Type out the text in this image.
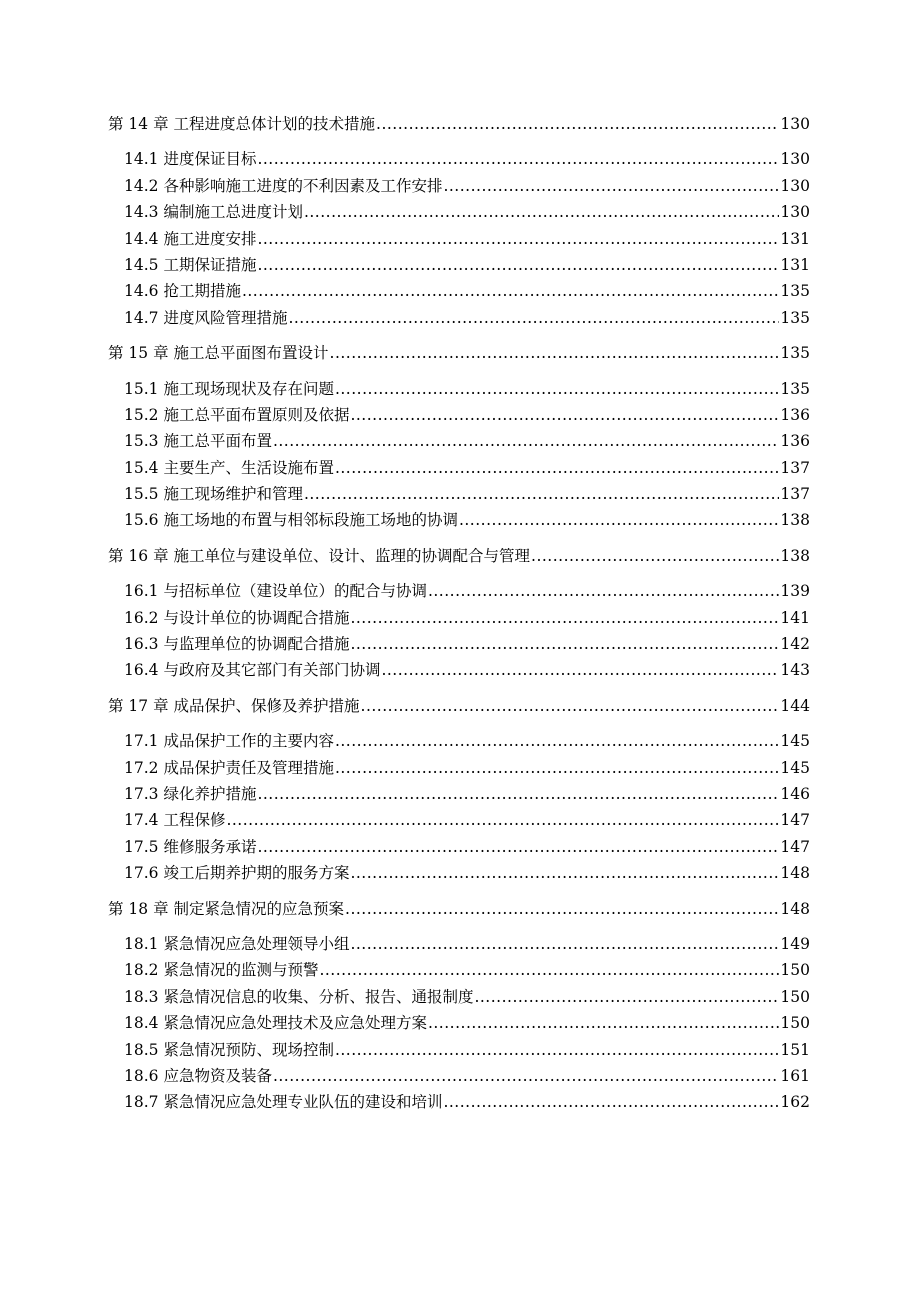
第 14 章 工程进度总体计划的技术措施 .....	130
14.1 进度保证目标 .....	130
14.2 各种影响施工进度的不利因素及工作安排 .....	130
14.3 编制施工总进度计划 .....	130
14.4 施工进度安排 .....	131
14.5 工期保证措施 .....	131
14.6 抢工期措施 .....	135
14.7 进度风险管理措施 .....	135
第 15 章 施工总平面图布置设计 .....	135
15.1 施工现场现状及存在问题 .....	135
15.2 施工总平面布置原则及依据 .....	136
15.3 施工总平面布置 .....	136
15.4 主要生产、生活设施布置 .....	137
15.5 施工现场维护和管理 .....	137
15.6 施工场地的布置与相邻标段施工场地的协调 .....	138
第 16 章 施工单位与建设单位、设计、监理的协调配合与管理 .....	138
16.1 与招标单位（建设单位）的配合与协调 .....	139
16.2 与设计单位的协调配合措施 .....	141
16.3 与监理单位的协调配合措施 .....	142
16.4 与政府及其它部门有关部门协调 .....	143
第 17 章 成品保护、保修及养护措施 .....	144
17.1 成品保护工作的主要内容 .....	145
17.2 成品保护责任及管理措施 .....	145
17.3 绿化养护措施 .....	146
17.4 工程保修 .....	147
17.5 维修服务承诺 .....	147
17.6 竣工后期养护期的服务方案 .....	148
第 18 章 制定紧急情况的应急预案 .....	148
18.1 紧急情况应急处理领导小组 .....	149
18.2 紧急情况的监测与预警 .....	150
18.3 紧急情况信息的收集、分析、报告、通报制度 .....	150
18.4 紧急情况应急处理技术及应急处理方案 .....	150
18.5 紧急情况预防、现场控制 .....	151
18.6 应急物资及装备 .....	161
18.7 紧急情况应急处理专业队伍的建设和培训 .....	162
